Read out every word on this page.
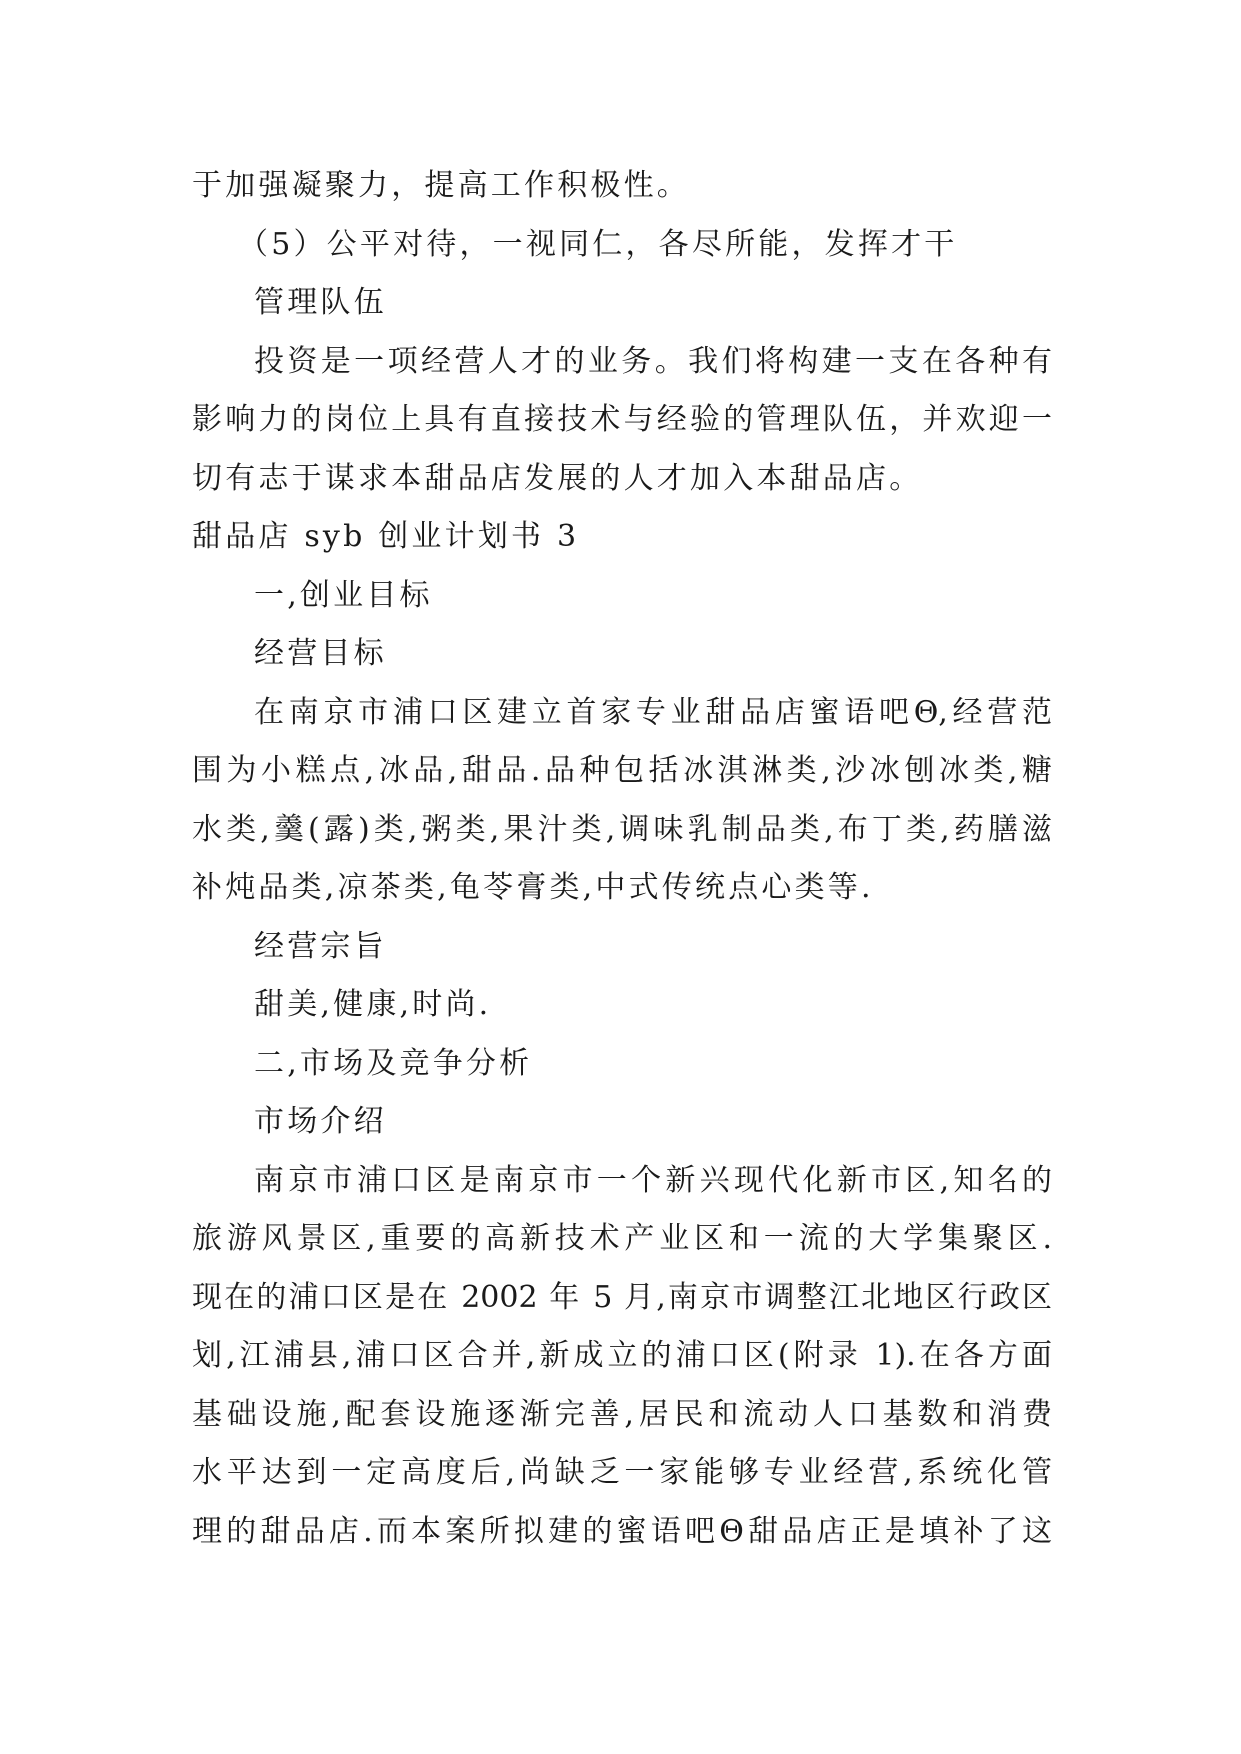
于加强凝聚力，提高工作积极性。
（5）公平对待，一视同仁，各尽所能，发挥才干
管理队伍
投资是一项经营人才的业务。我们将构建一支在各种有
影响力的岗位上具有直接技术与经验的管理队伍，并欢迎一
切有志于谋求本甜品店发展的人才加入本甜品店。
甜品店 syb 创业计划书 3
一,创业目标
经营目标
在南京市浦口区建立首家专业甜品店蜜语吧Θ,经营范
围为小糕点,冰品,甜品.品种包括冰淇淋类,沙冰刨冰类,糖
水类,羹(露)类,粥类,果汁类,调味乳制品类,布丁类,药膳滋
补炖品类,凉茶类,龟苓膏类,中式传统点心类等.
经营宗旨
甜美,健康,时尚.
二,市场及竞争分析
市场介绍
南京市浦口区是南京市一个新兴现代化新市区,知名的
旅游风景区,重要的高新技术产业区和一流的大学集聚区.
现在的浦口区是在 2002 年 5 月,南京市调整江北地区行政区
划,江浦县,浦口区合并,新成立的浦口区(附录 1).在各方面
基础设施,配套设施逐渐完善,居民和流动人口基数和消费
水平达到一定高度后,尚缺乏一家能够专业经营,系统化管
理的甜品店.而本案所拟建的蜜语吧Θ甜品店正是填补了这
